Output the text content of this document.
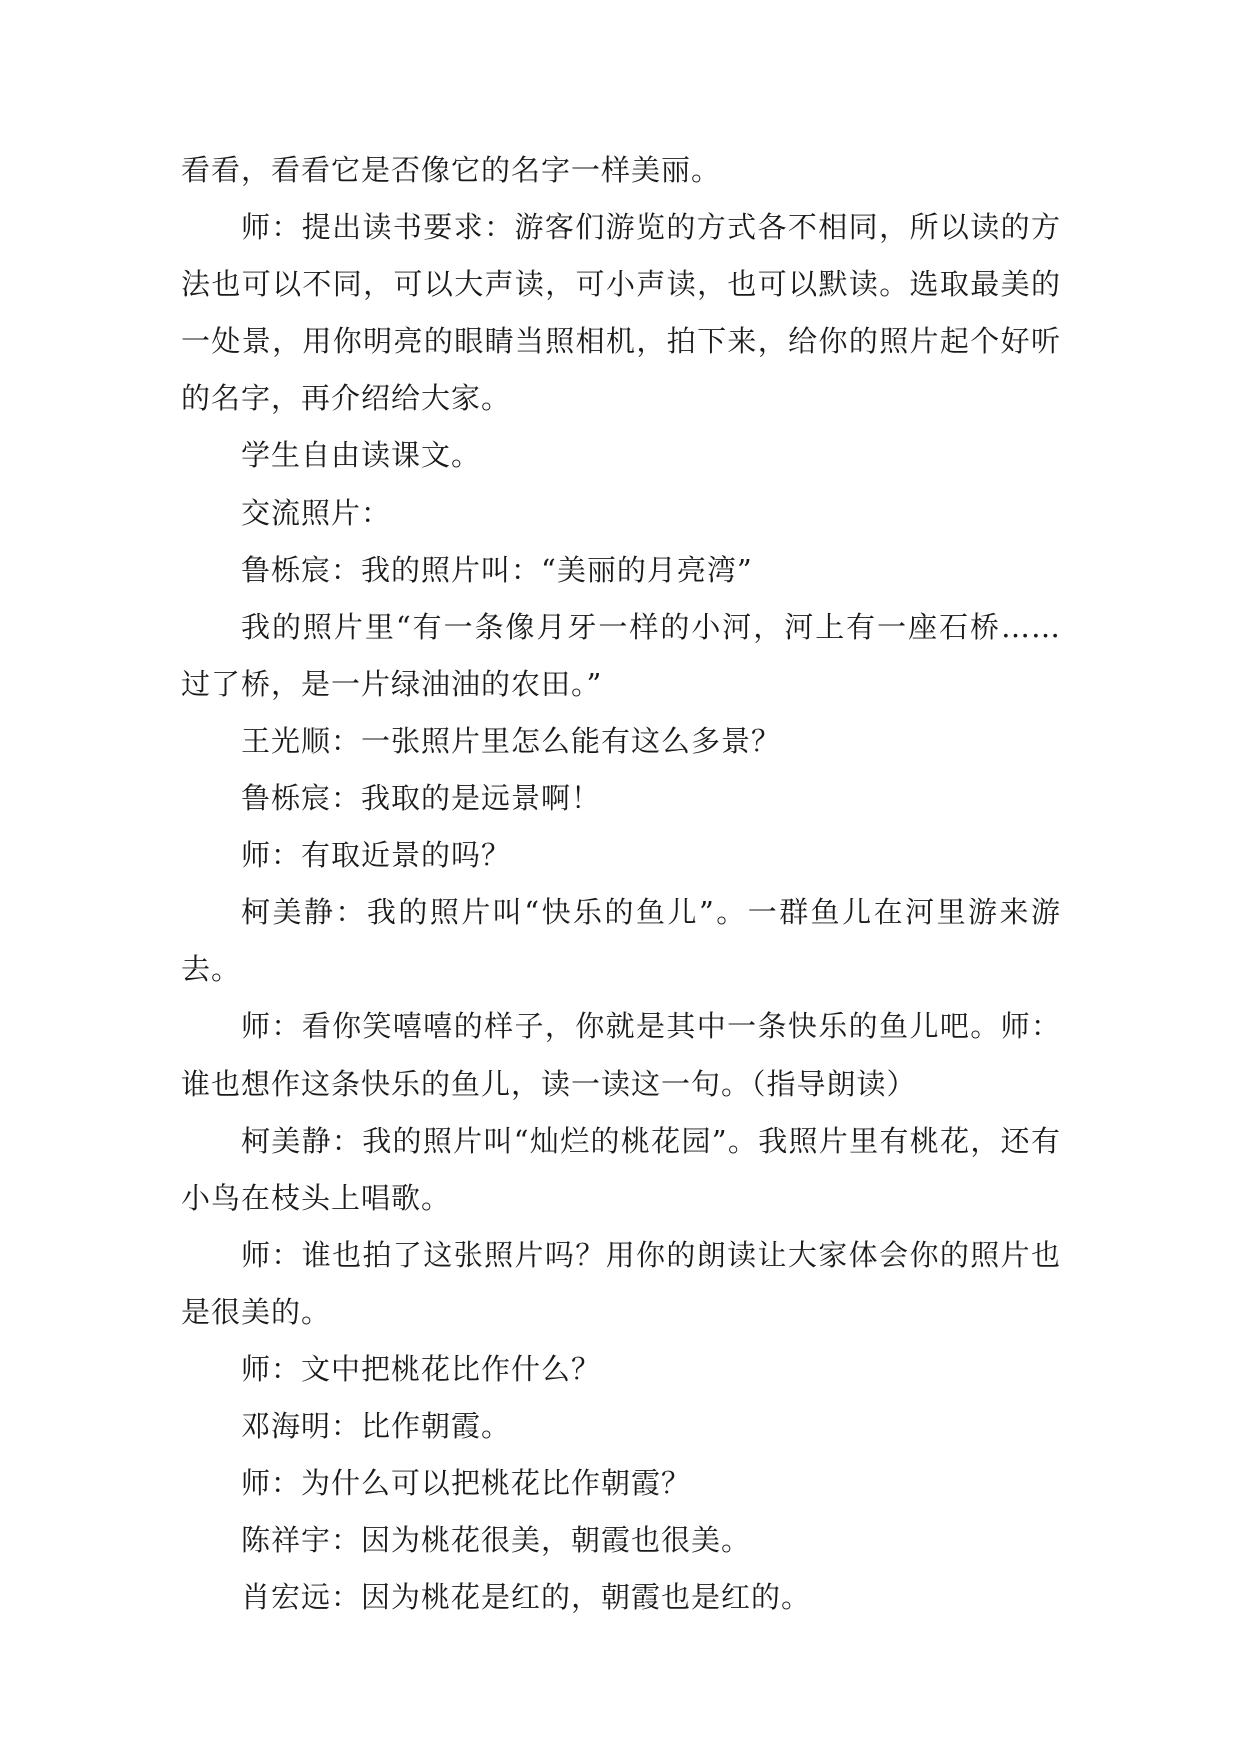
看看，看看它是否像它的名字一样美丽。

师：提出读书要求：游客们游览的方式各不相同，所以读的方法也可以不同，可以大声读，可小声读，也可以默读。选取最美的一处景，用你明亮的眼睛当照相机，拍下来，给你的照片起个好听的名字，再介绍给大家。

学生自由读课文。

交流照片：

鲁栎宸：我的照片叫：“美丽的月亮湾”

我的照片里“有一条像月牙一样的小河，河上有一座石桥……过了桥，是一片绿油油的农田。”

王光顺：一张照片里怎么能有这么多景？

鲁栎宸：我取的是远景啊！

师：有取近景的吗？

柯美静：我的照片叫“快乐的鱼儿”。一群鱼儿在河里游来游去。

师：看你笑嘻嘻的样子，你就是其中一条快乐的鱼儿吧。师：谁也想作这条快乐的鱼儿，读一读这一句。（指导朗读）

柯美静：我的照片叫“灿烂的桃花园”。我照片里有桃花，还有小鸟在枝头上唱歌。

师：谁也拍了这张照片吗？用你的朗读让大家体会你的照片也是很美的。

师：文中把桃花比作什么？

邓海明：比作朝霞。

师：为什么可以把桃花比作朝霞？

陈祥宇：因为桃花很美，朝霞也很美。

肖宏远：因为桃花是红的，朝霞也是红的。
